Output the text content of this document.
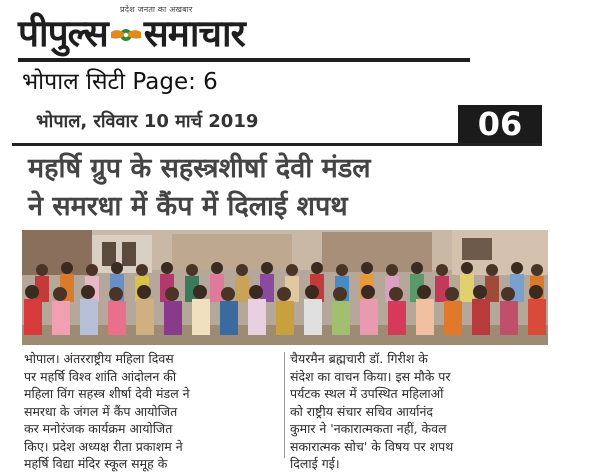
प्रदेश जनता का अखबार
पीपुल्स समाचार
भोपाल सिटी Page: 6
भोपाल, रविवार 10 मार्च 2019	06
महर्षि ग्रुप के सहस्त्रशीर्षा देवी मंडल
ने समरधा में कैंप में दिलाई शपथ
भोपाल। अंतरराष्ट्रीय महिला दिवस
पर महर्षि विश्व शांति आंदोलन की
महिला विंग सहस्त्र शीर्षा देवी मंडल ने
समरधा के जंगल में कैंप आयोजित
कर मनोरंजक कार्यक्रम आयोजित
किए। प्रदेश अध्यक्ष रीता प्रकाशम ने
महर्षि विद्या मंदिर स्कूल समूह के
चैयरमैन ब्रह्मचारी डॉ. गिरीश के
संदेश का वाचन किया। इस मौके पर
पर्यटक स्थल में उपस्थित महिलाओं
को राष्ट्रीय संचार सचिव आर्यानंद
कुमार ने 'नकारात्मकता नहीं, केवल
सकारात्मक सोच' के विषय पर शपथ
दिलाई गई।
